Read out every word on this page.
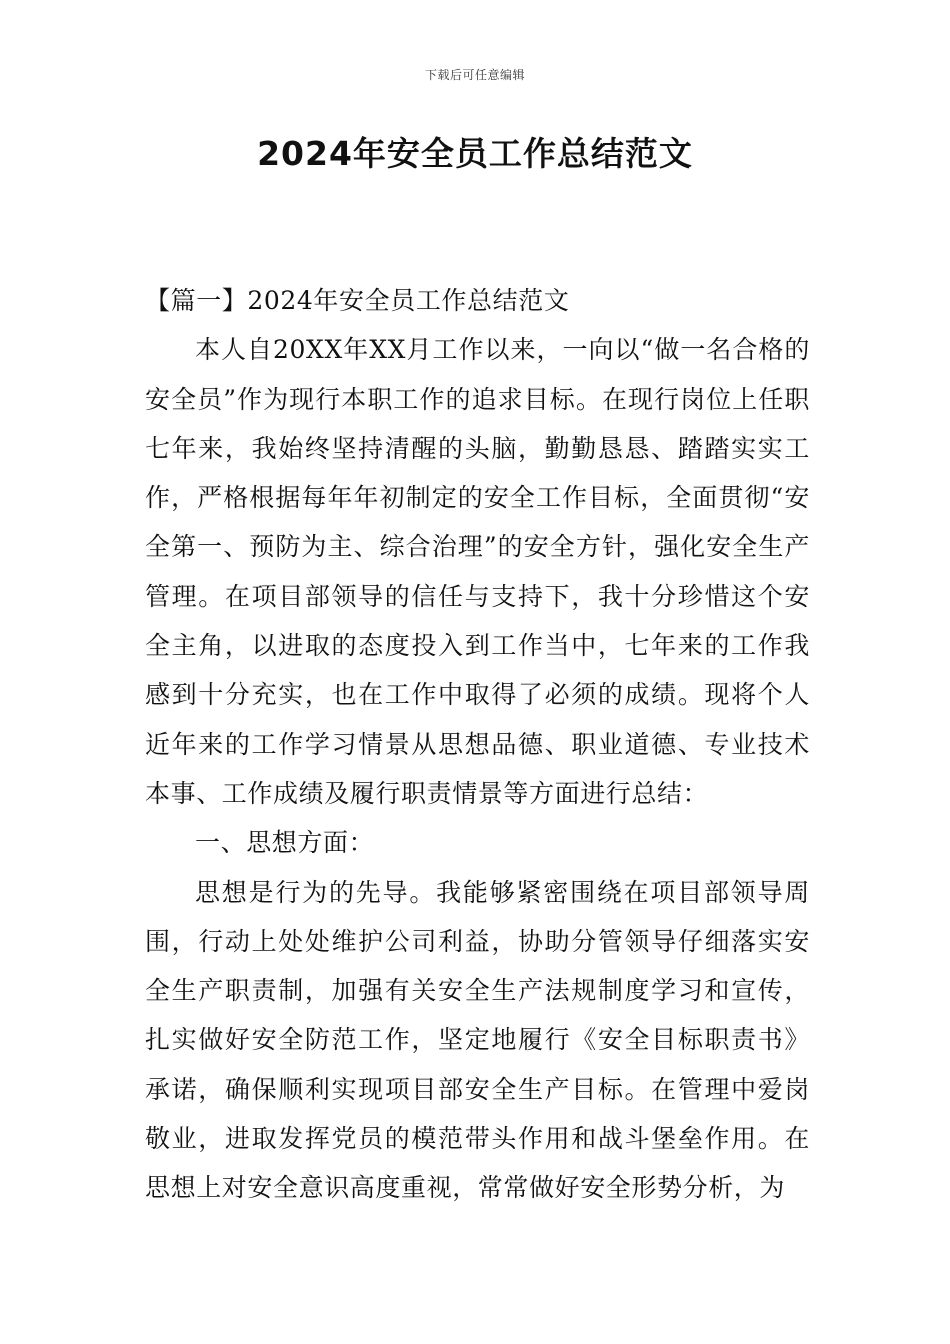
下载后可任意编辑
2024年安全员工作总结范文

【篇一】2024年安全员工作总结范文

本人自20XX年XX月工作以来，一向以“做一名合格的安全员”作为现行本职工作的追求目标。在现行岗位上任职七年来，我始终坚持清醒的头脑，勤勤恳恳、踏踏实实工作，严格根据每年年初制定的安全工作目标，全面贯彻“安全第一、预防为主、综合治理”的安全方针，强化安全生产管理。在项目部领导的信任与支持下，我十分珍惜这个安全主角，以进取的态度投入到工作当中，七年来的工作我感到十分充实，也在工作中取得了必须的成绩。现将个人近年来的工作学习情景从思想品德、职业道德、专业技术本事、工作成绩及履行职责情景等方面进行总结：

一、思想方面：

思想是行为的先导。我能够紧密围绕在项目部领导周围，行动上处处维护公司利益，协助分管领导仔细落实安全生产职责制，加强有关安全生产法规制度学习和宣传，扎实做好安全防范工作，坚定地履行《安全目标职责书》承诺，确保顺利实现项目部安全生产目标。在管理中爱岗敬业，进取发挥党员的模范带头作用和战斗堡垒作用。在思想上对安全意识高度重视，常常做好安全形势分析，为
